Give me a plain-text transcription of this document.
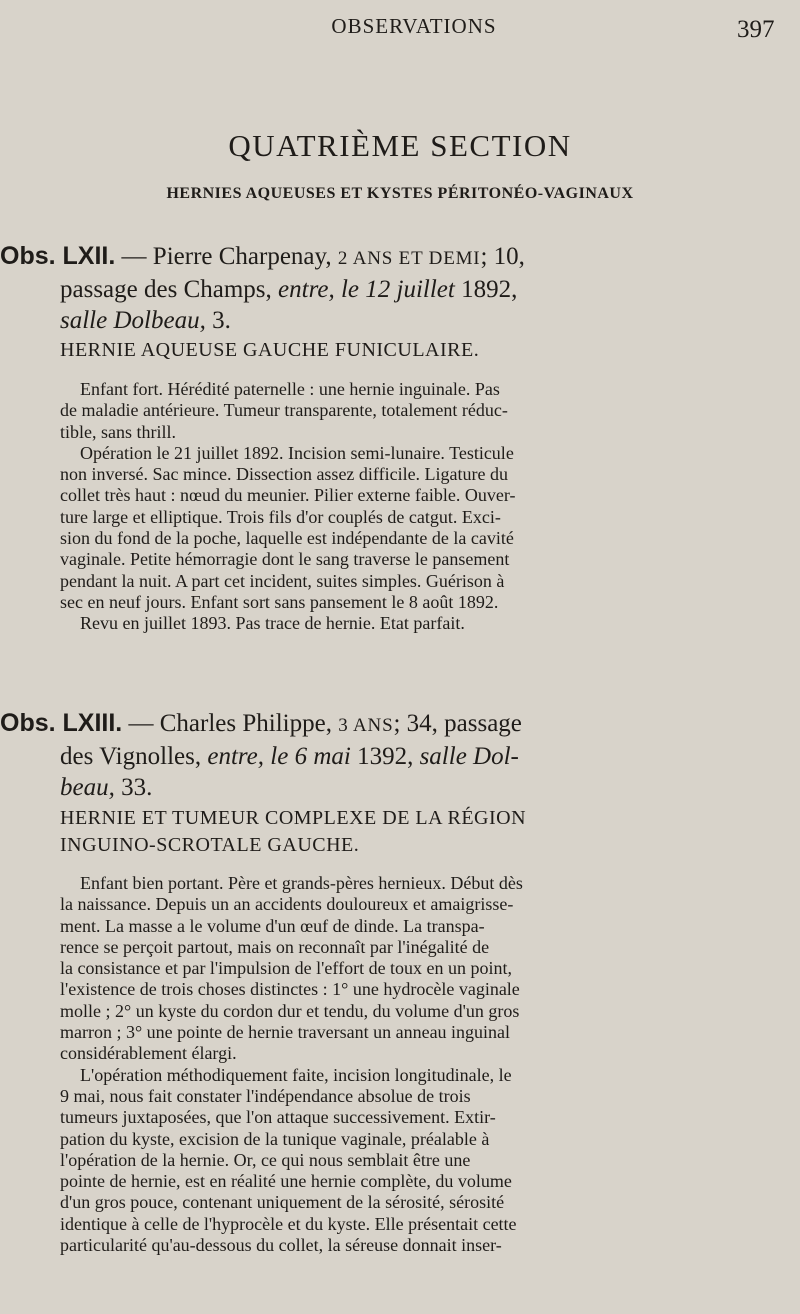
OBSERVATIONS	397
QUATRIÈME SECTION
HERNIES AQUEUSES ET KYSTES PÉRITONÉO-VAGINAUX
Obs. LXII. — Pierre Charpenay, 2 ANS ET DEMI; 10,
passage des Champs, entre, le 12 juillet 1892,
salle Dolbeau, 3.
HERNIE AQUEUSE GAUCHE FUNICULAIRE.
Enfant fort. Hérédité paternelle : une hernie inguinale. Pas
de maladie antérieure. Tumeur transparente, totalement réduc-
tible, sans thrill.
Opération le 21 juillet 1892. Incision semi-lunaire. Testicule
non inversé. Sac mince. Dissection assez difficile. Ligature du
collet très haut : nœud du meunier. Pilier externe faible. Ouver-
ture large et elliptique. Trois fils d'or couplés de catgut. Exci-
sion du fond de la poche, laquelle est indépendante de la cavité
vaginale. Petite hémorragie dont le sang traverse le pansement
pendant la nuit. A part cet incident, suites simples. Guérison à
sec en neuf jours. Enfant sort sans pansement le 8 août 1892.
Revu en juillet 1893. Pas trace de hernie. Etat parfait.
Obs. LXIII. — Charles Philippe, 3 ANS; 34, passage
des Vignolles, entre, le 6 mai 1392, salle Dol-
beau, 33.
HERNIE ET TUMEUR COMPLEXE DE LA RÉGION
INGUINO-SCROTALE GAUCHE.
Enfant bien portant. Père et grands-pères hernieux. Début dès
la naissance. Depuis un an accidents douloureux et amaigrisse-
ment. La masse a le volume d'un œuf de dinde. La transpa-
rence se perçoit partout, mais on reconnaît par l'inégalité de
la consistance et par l'impulsion de l'effort de toux en un point,
l'existence de trois choses distinctes : 1° une hydrocèle vaginale
molle ; 2° un kyste du cordon dur et tendu, du volume d'un gros
marron ; 3° une pointe de hernie traversant un anneau inguinal
considérablement élargi.
L'opération méthodiquement faite, incision longitudinale, le
9 mai, nous fait constater l'indépendance absolue de trois
tumeurs juxtaposées, que l'on attaque successivement. Extir-
pation du kyste, excision de la tunique vaginale, préalable à
l'opération de la hernie. Or, ce qui nous semblait être une
pointe de hernie, est en réalité une hernie complète, du volume
d'un gros pouce, contenant uniquement de la sérosité, sérosité
identique à celle de l'hyprocèle et du kyste. Elle présentait cette
particularité qu'au-dessous du collet, la séreuse donnait inser-
